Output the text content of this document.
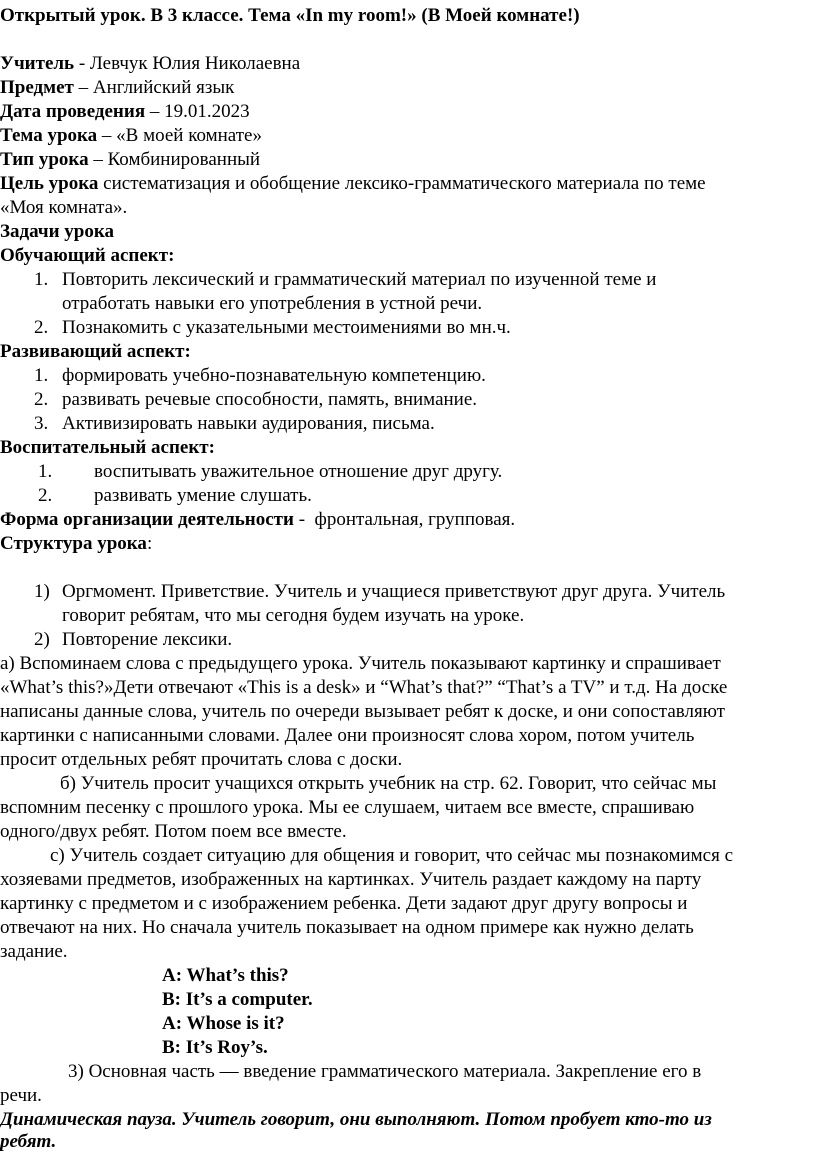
Открытый урок. В 3 классе. Тема «In my room!» (В Моей комнате!)
Учитель - Левчук Юлия Николаевна
Предмет – Английский язык
Дата проведения – 19.01.2023
Тема урока – «В моей комнате»
Тип урока – Комбинированный
Цель урока систематизация и обобщение лексико-грамматического материала по теме
«Моя комната».
Задачи урока
Обучающий аспект:
1. Повторить лексический и грамматический материал по изученной теме и
отработать навыки его употребления в устной речи.
2. Познакомить с указательными местоимениями во мн.ч.
Развивающий аспект:
1. формировать учебно-познавательную компетенцию.
2. развивать речевые способности, память, внимание.
3. Активизировать навыки аудирования, письма.
Воспитательный аспект:
1. воспитывать уважительное отношение друг другу.
2. развивать умение слушать.
Форма организации деятельности -  фронтальная, групповая.
Структура урока:
1) Оргмомент. Приветствие. Учитель и учащиеся приветствуют друг друга. Учитель
говорит ребятам, что мы сегодня будем изучать на уроке.
2) Повторение лексики.
а) Вспоминаем слова с предыдущего урока. Учитель показывают картинку и спрашивает
«What’s this?»Дети отвечают «This is a desk» и “What’s that?” “That’s a TV” и т.д. На доске
написаны данные слова, учитель по очереди вызывает ребят к доске, и они сопоставляют
картинки с написанными словами. Далее они произносят слова хором, потом учитель
просит отдельных ребят прочитать слова с доски.
б) Учитель просит учащихся открыть учебник на стр. 62. Говорит, что сейчас мы
вспомним песенку с прошлого урока. Мы ее слушаем, читаем все вместе, спрашиваю
одного/двух ребят. Потом поем все вместе.
с) Учитель создает ситуацию для общения и говорит, что сейчас мы познакомимся с
хозяевами предметов, изображенных на картинках. Учитель раздает каждому на парту
картинку с предметом и с изображением ребенка. Дети задают друг другу вопросы и
отвечают на них. Но сначала учитель показывает на одном примере как нужно делать
задание.
A: What’s this?
B: It’s a computer.
A: Whose is it?
B: It’s Roy’s.
3) Основная часть — введение грамматического материала. Закрепление его в
речи.
Динамическая пауза. Учитель говорит, они выполняют. Потом пробует кто-то из
ребят.
